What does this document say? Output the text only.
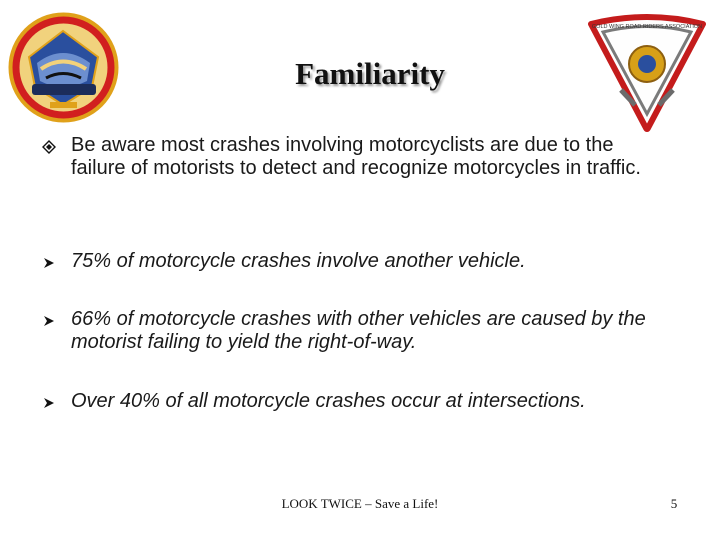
GOLD WING ROAD RIDERS ASSOCIATION
Familiarity
Be aware most crashes involving motorcyclists are due to the failure of motorists to detect and recognize motorcycles in traffic.
75% of motorcycle crashes involve another vehicle.
66% of motorcycle crashes with other vehicles are caused by the motorist failing to yield the right-of-way.
Over 40% of all motorcycle crashes occur at intersections.
LOOK TWICE – Save a Life!	5
